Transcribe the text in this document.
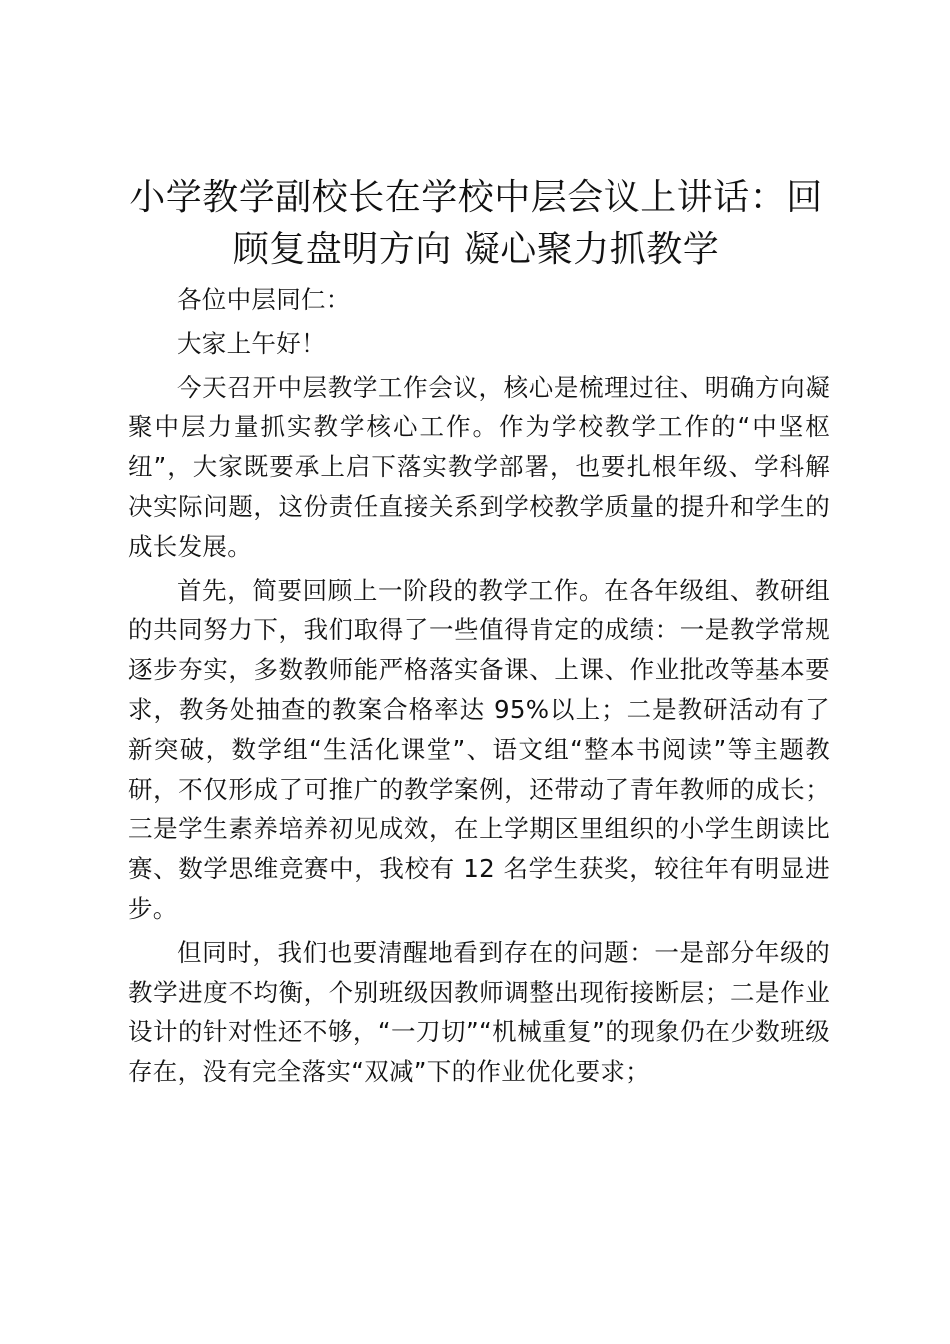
小学教学副校长在学校中层会议上讲话：回顾复盘明方向 凝心聚力抓教学

各位中层同仁：

大家上午好！

今天召开中层教学工作会议，核心是梳理过往、明确方向凝聚中层力量抓实教学核心工作。作为学校教学工作的“中坚枢纽”，大家既要承上启下落实教学部署，也要扎根年级、学科解决实际问题，这份责任直接关系到学校教学质量的提升和学生的成长发展。

首先，简要回顾上一阶段的教学工作。在各年级组、教研组的共同努力下，我们取得了一些值得肯定的成绩：一是教学常规逐步夯实，多数教师能严格落实备课、上课、作业批改等基本要求，教务处抽查的教案合格率达 95%以上；二是教研活动有了新突破，数学组“生活化课堂”、语文组“整本书阅读”等主题教研，不仅形成了可推广的教学案例，还带动了青年教师的成长；三是学生素养培养初见成效，在上学期区里组织的小学生朗读比赛、数学思维竞赛中，我校有 12 名学生获奖，较往年有明显进步。

但同时，我们也要清醒地看到存在的问题：一是部分年级的教学进度不均衡，个别班级因教师调整出现衔接断层；二是作业设计的针对性还不够，“一刀切”“机械重复”的现象仍在少数班级存在，没有完全落实“双减”下的作业优化要求；
